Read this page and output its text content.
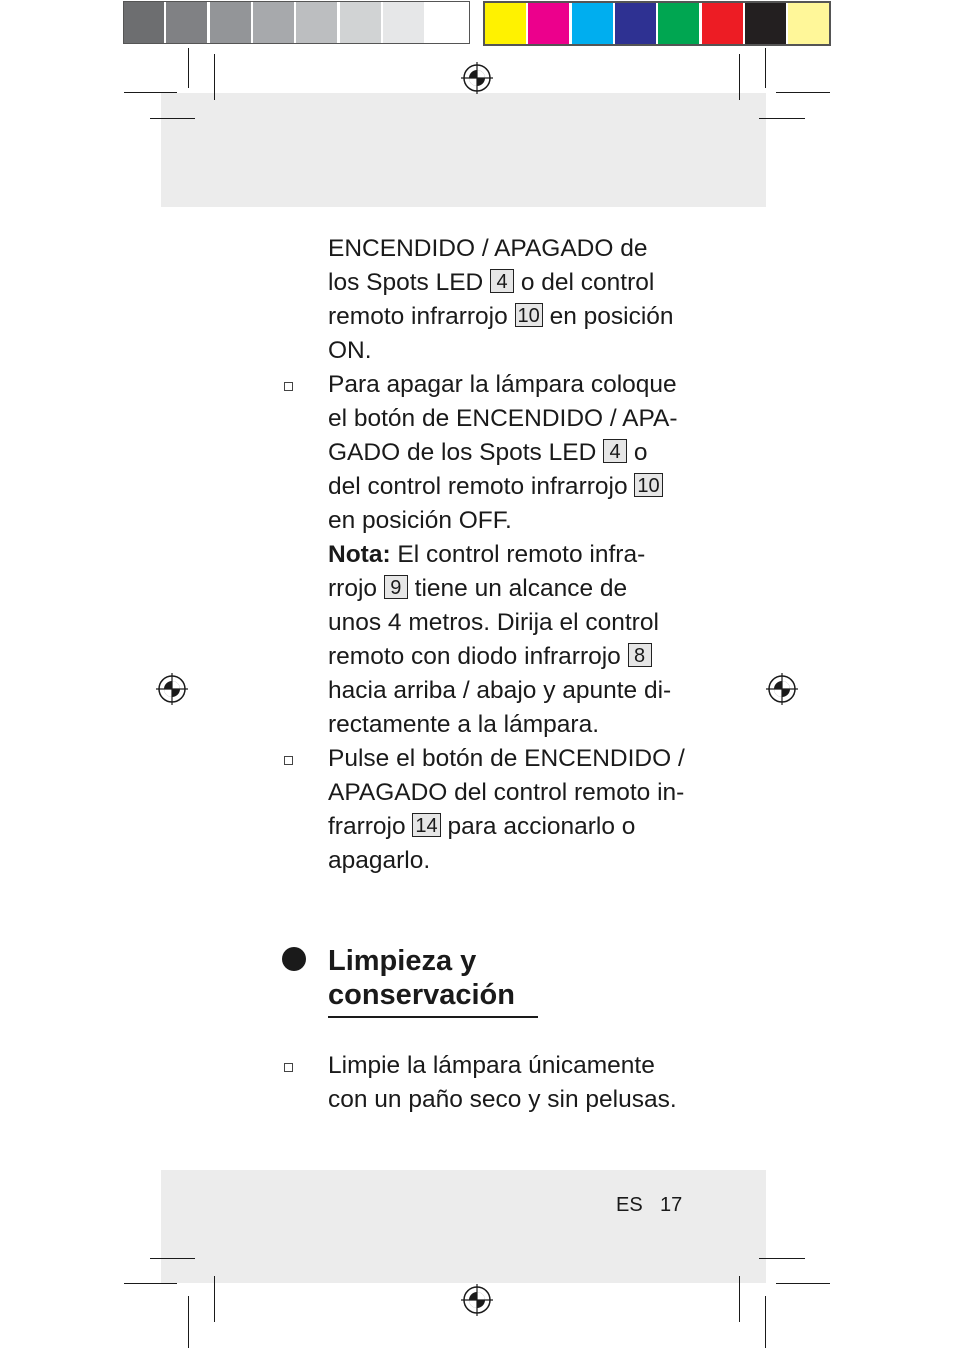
ENCENDIDO / APAGADO de
los Spots LED 4 o del control
remoto infrarrojo 10 en posición
ON.
Para apagar la lámpara coloque
el botón de ENCENDIDO / APA-
GADO de los Spots LED 4 o
del control remoto infrarrojo 10
en posición OFF.
Nota: El control remoto infra-
rrojo 9 tiene un alcance de
unos 4 metros. Dirija el control
remoto con diodo infrarrojo 8
hacia arriba / abajo y apunte di-
rectamente a la lámpara.
Pulse el botón de ENCENDIDO /
APAGADO del control remoto in-
frarrojo 14 para accionarlo o
apagarlo.
Limpieza y
conservación
Limpie la lámpara únicamente
con un paño seco y sin pelusas.
ES 17
